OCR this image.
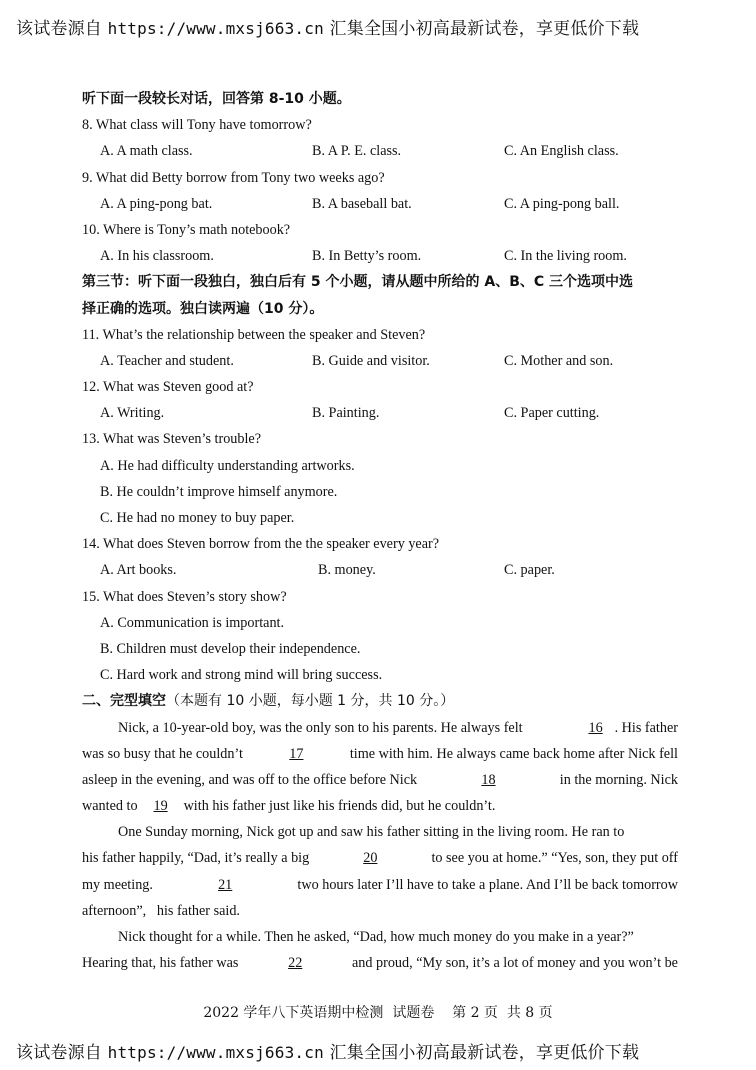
该试卷源自 https://www.mxsj663.cn 汇集全国小初高最新试卷，享更低价下载
听下面一段较长对话，回答第 8-10 小题。
8. What class will Tony have tomorrow?
A. A math class.	B. A P. E. class.	C. An English class.
9. What did Betty borrow from Tony two weeks ago?
A. A ping-pong bat.	B. A baseball bat.	C. A ping-pong ball.
10. Where is Tony’s math notebook?
A. In his classroom.	B. In Betty’s room.	C. In the living room.
第三节：听下面一段独白，独白后有 5 个小题，请从题中所给的 A、B、C 三个选项中选
择正确的选项。独白读两遍（10 分）。
11. What’s the relationship between the speaker and Steven?
A. Teacher and student.	B. Guide and visitor.	C. Mother and son.
12. What was Steven good at?
A. Writing.	B. Painting.	C. Paper cutting.
13. What was Steven’s trouble?
A. He had difficulty understanding artworks.
B. He couldn’t improve himself anymore.
C. He had no money to buy paper.
14. What does Steven borrow from the the speaker every year?
A. Art books.	B. money.	C. paper.
15. What does Steven’s story show?
A. Communication is important.
B. Children must develop their independence.
C. Hard work and strong mind will bring success.
二、完型填空（本题有 10 小题，每小题 1 分，共 10 分。）
Nick, a 10-year-old boy, was the only son to his parents. He always felt	16 . His father
was so busy that he couldn’t	17	time with him. He always came back home after Nick fell
asleep in the evening, and was off to the office before Nick	18	in the morning. Nick
wanted to	19	with his father just like his friends did, but he couldn’t.
One Sunday morning, Nick got up and saw his father sitting in the living room. He ran to
his father happily, “Dad, it’s really a big	20	to see you at home.” “Yes, son, they put off
my meeting.	21	two hours later I’ll have to take a plane. And I’ll be back tomorrow
afternoon”,   his father said.
Nick thought for a while. Then he asked, “Dad, how much money do you make in a year?”
Hearing that, his father was	22	and proud, “My son, it’s a lot of money and you won’t be
2022 学年八下英语期中检测  试题卷    第 2 页  共 8 页
该试卷源自 https://www.mxsj663.cn 汇集全国小初高最新试卷，享更低价下载
